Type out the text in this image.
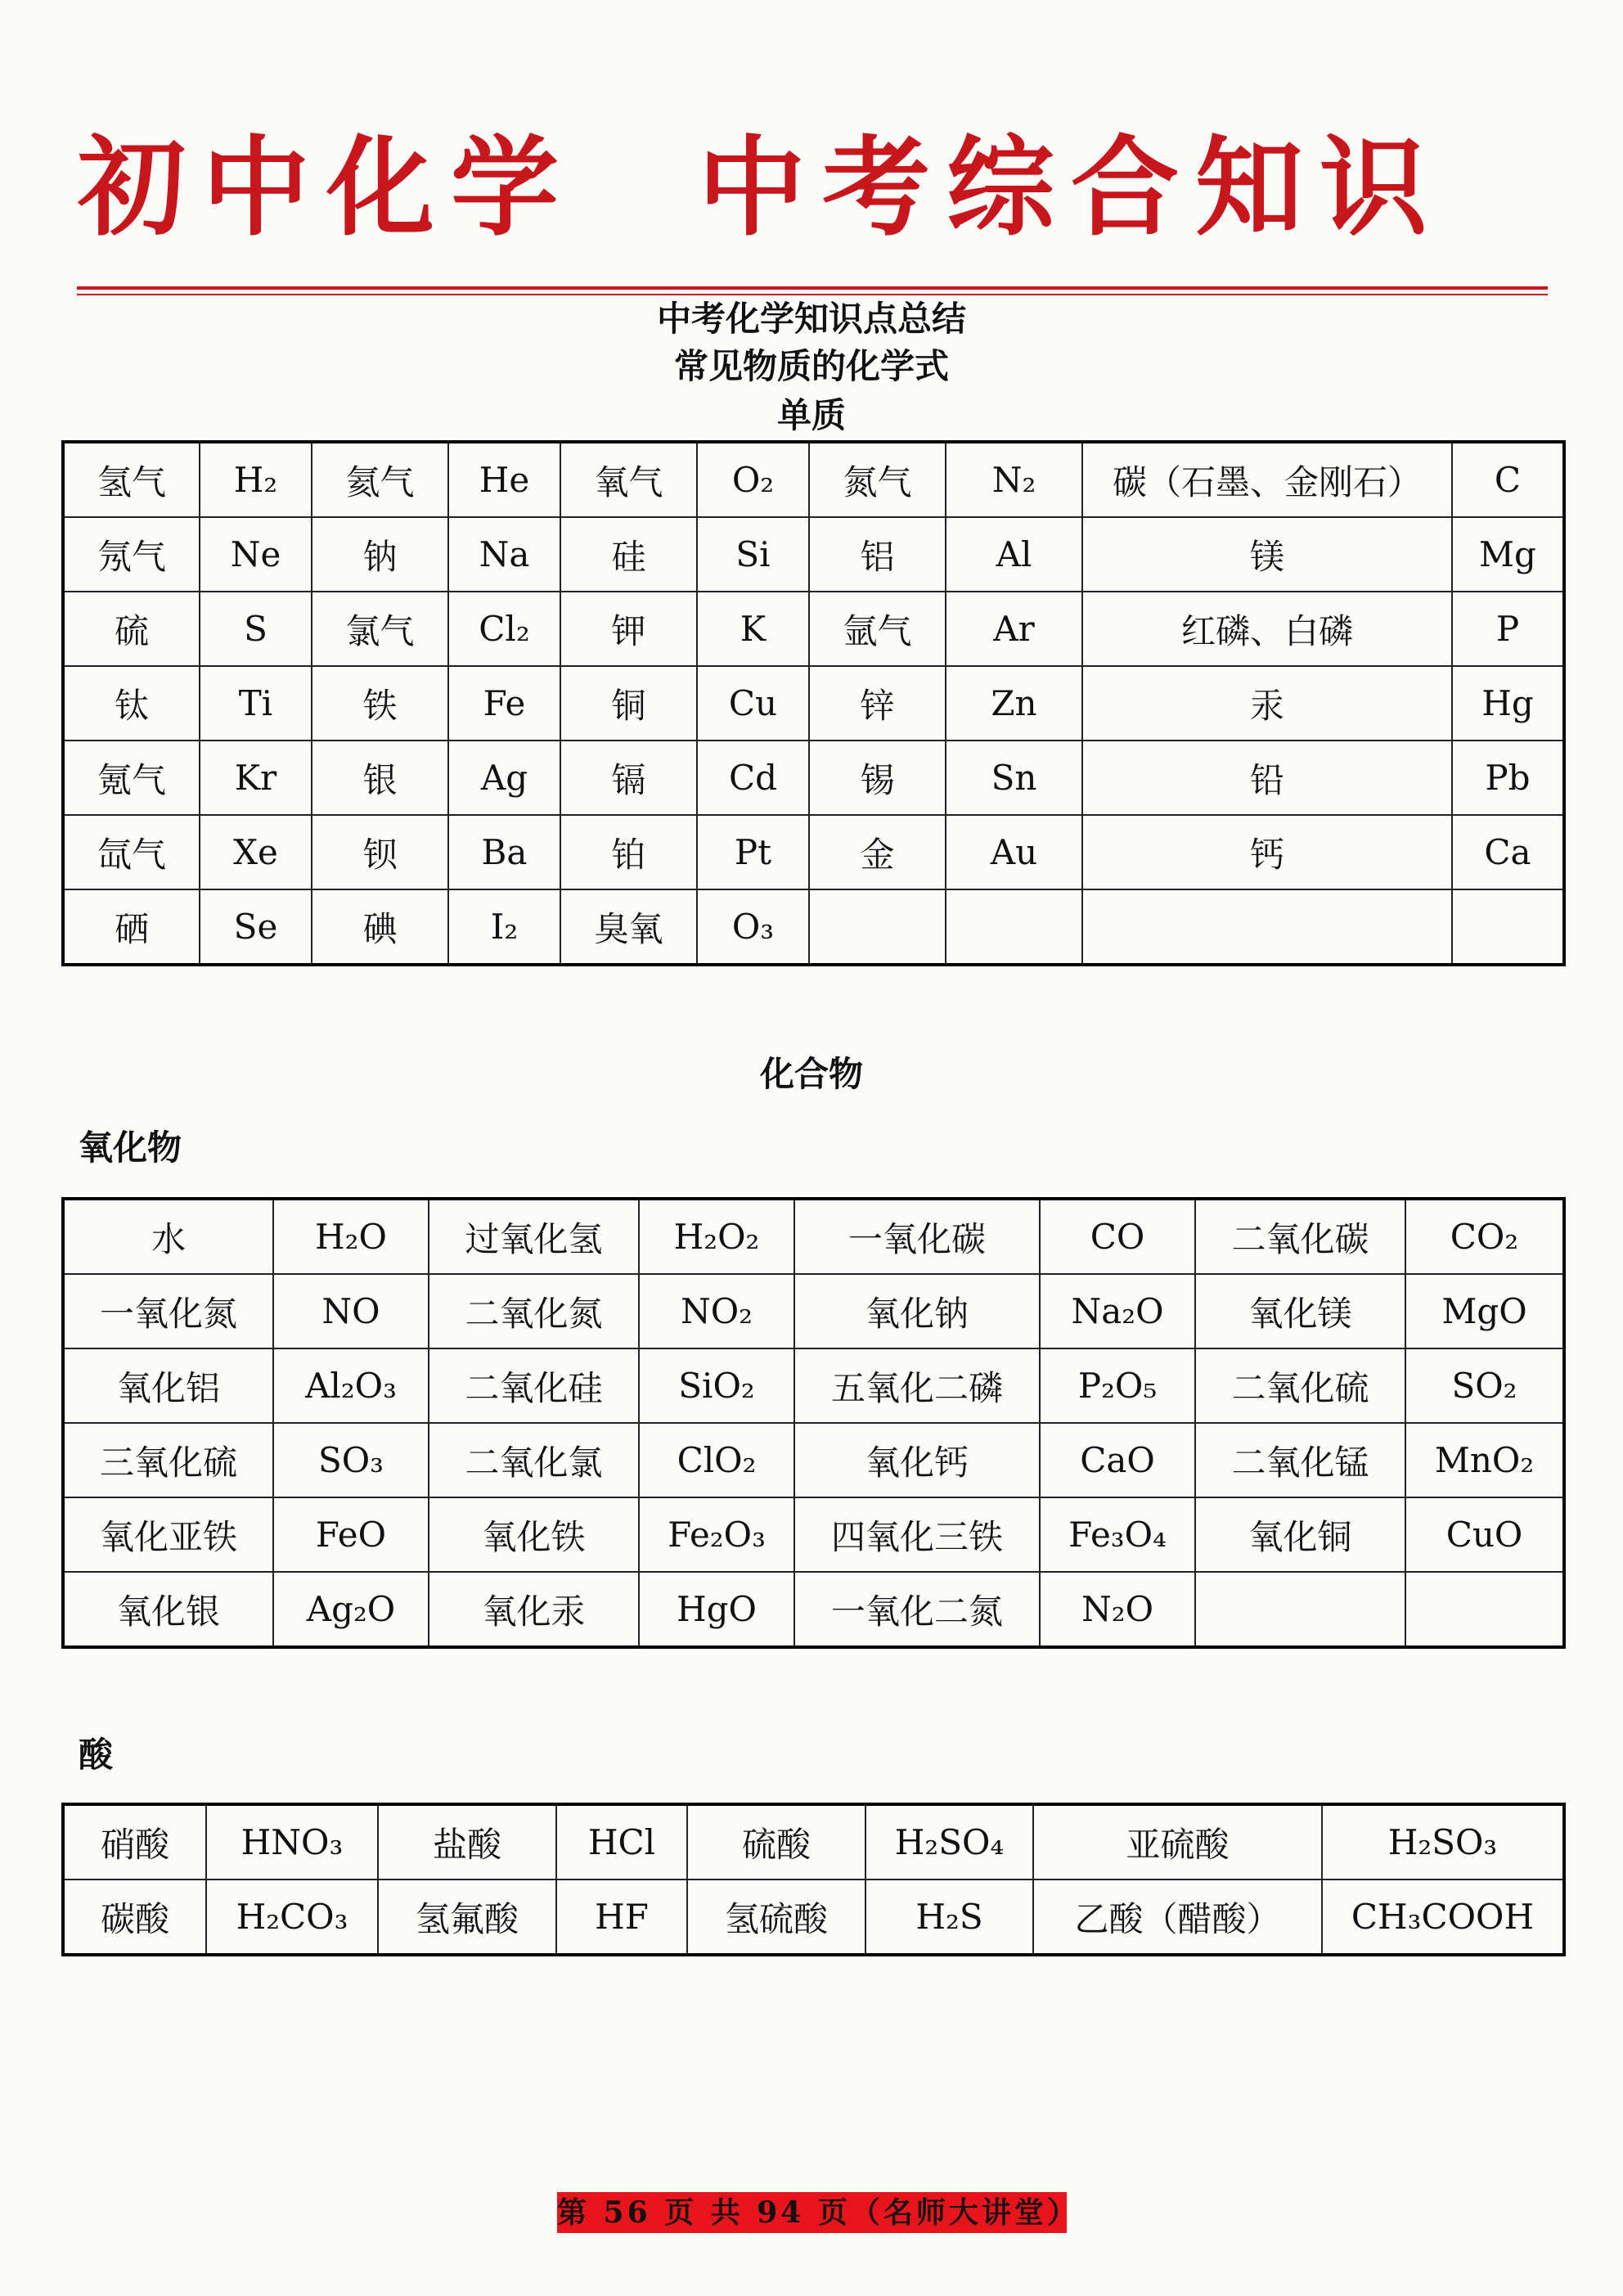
初中化学 中考综合知识
中考化学知识点总结
常见物质的化学式
单质
氢气	H₂	氦气	He	氧气	O₂	氮气	N₂	碳（石墨、金刚石）	C
氖气	Ne	钠	Na	硅	Si	铝	Al	镁	Mg
硫	S	氯气	Cl₂	钾	K	氩气	Ar	红磷、白磷	P
钛	Ti	铁	Fe	铜	Cu	锌	Zn	汞	Hg
氪气	Kr	银	Ag	镉	Cd	锡	Sn	铅	Pb
氙气	Xe	钡	Ba	铂	Pt	金	Au	钙	Ca
硒	Se	碘	I₂	臭氧	O₃				
化合物
氧化物
水	H₂O	过氧化氢	H₂O₂	一氧化碳	CO	二氧化碳	CO₂
一氧化氮	NO	二氧化氮	NO₂	氧化钠	Na₂O	氧化镁	MgO
氧化铝	Al₂O₃	二氧化硅	SiO₂	五氧化二磷	P₂O₅	二氧化硫	SO₂
三氧化硫	SO₃	二氧化氯	ClO₂	氧化钙	CaO	二氧化锰	MnO₂
氧化亚铁	FeO	氧化铁	Fe₂O₃	四氧化三铁	Fe₃O₄	氧化铜	CuO
氧化银	Ag₂O	氧化汞	HgO	一氧化二氮	N₂O		
酸
硝酸	HNO₃	盐酸	HCl	硫酸	H₂SO₄	亚硫酸	H₂SO₃
碳酸	H₂CO₃	氢氟酸	HF	氢硫酸	H₂S	乙酸（醋酸）	CH₃COOH
第 56 页 共 94 页（名师大讲堂）
